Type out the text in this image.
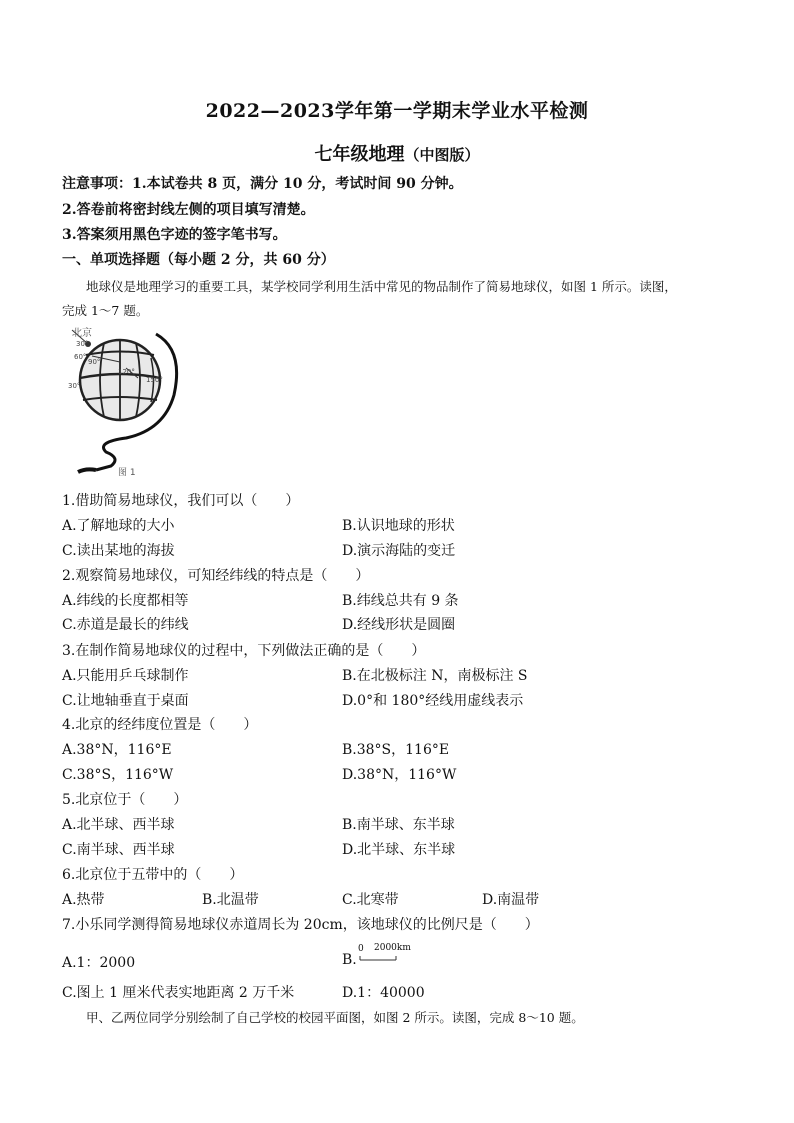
2022—2023学年第一学期末学业水平检测
七年级地理（中图版）
注意事项：1.本试卷共 8 页，满分 10 分，考试时间 90 分钟。
2.答卷前将密封线左侧的项目填写清楚。
3.答案须用黑色字迹的签字笔书写。
一、单项选择题（每小题 2 分，共 60 分）
地球仪是地理学习的重要工具，某学校同学利用生活中常见的物品制作了简易地球仪，如图 1 所示。读图，
完成 1～7 题。
北京
30°
60°
90°
120°
150°
30°
图 1
1.借助简易地球仪，我们可以（　　）
A.了解地球的大小	B.认识地球的形状
C.读出某地的海拔	D.演示海陆的变迁
2.观察简易地球仪，可知经纬线的特点是（　　）
A.纬线的长度都相等	B.纬线总共有 9 条
C.赤道是最长的纬线	D.经线形状是圆圈
3.在制作简易地球仪的过程中，下列做法正确的是（　　）
A.只能用乒乓球制作	B.在北极标注 N，南极标注 S
C.让地轴垂直于桌面	D.0°和 180°经线用虚线表示
4.北京的经纬度位置是（　　）
A.38°N，116°E	B.38°S，116°E
C.38°S，116°W	D.38°N，116°W
5.北京位于（　　）
A.北半球、西半球	B.南半球、东半球
C.南半球、西半球	D.北半球、东半球
6.北京位于五带中的（　　）
A.热带	B.北温带	C.北寒带	D.南温带
7.小乐同学测得简易地球仪赤道周长为 20cm，该地球仪的比例尺是（　　）
A.1：2000	B.
0 2000km
C.图上 1 厘米代表实地距离 2 万千米	D.1：40000
甲、乙两位同学分别绘制了自己学校的校园平面图，如图 2 所示。读图，完成 8～10 题。
